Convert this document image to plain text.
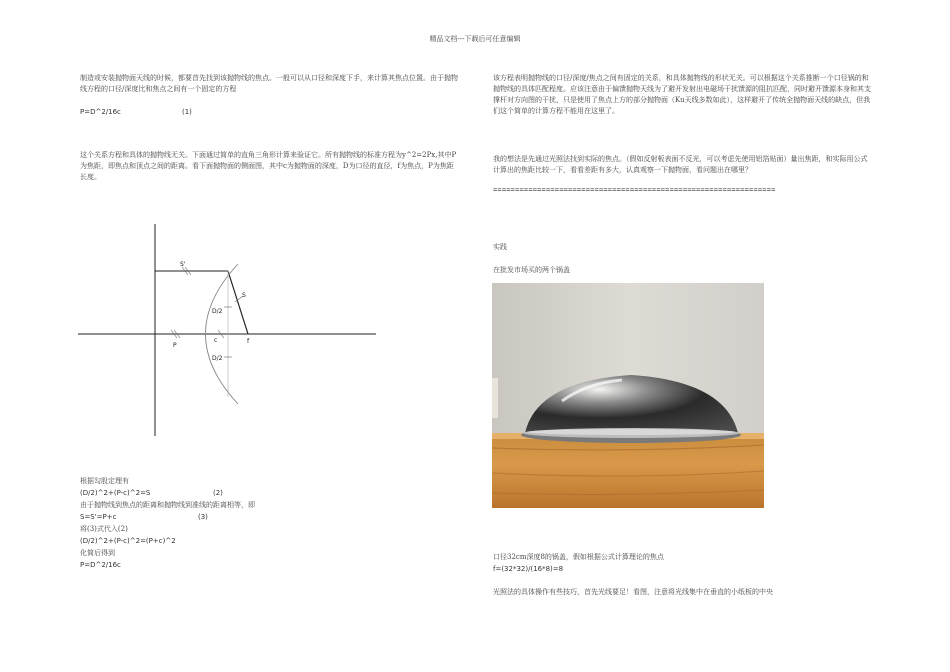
精品文档---下载后可任意编辑
制造或安装抛物面天线的时候，都要首先找到该抛物线的焦点。一般可以从口径和深度下手，来计算其焦点位置。由于抛物线方程的口径/深度比和焦点之间有一个固定的方程
P=D^2/16c	(1)
这个关系方程和具体的抛物线无关。下面通过简单的直角三角形计算来验证它。所有抛物线的标准方程为y^2=2Px,其中P为焦距，即焦点和顶点之间的距离。看下面抛物面的侧面图，其中c为抛物面的深度，D为口径的直径，f为焦点，P为焦距长度。
S'
S
D/2
D/2
P
c	f
根据勾股定理有
(D/2)^2+(P-c)^2=S	(2)
由于抛物线到焦点的距离和抛物线到准线的距离相等，即
S=S'=P+c	(3)
将(3)式代入(2)
(D/2)^2+(P-c)^2=(P+c)^2
化简后得到
P=D^2/16c
该方程表明抛物线的口径/深度/焦点之间有固定的关系，和具体抛物线的形状无关。可以根据这个关系推断一个口径锅的和抛物线的具体匹配程度。应该注意由于偏馈抛物天线为了避开发射出电磁场干扰馈源的阻抗匹配，同时避开馈源本身和其支撑杆对方向图的干扰，只是使用了焦点上方的部分抛物面（Ku天线多数如此），这样避开了传统全抛物面天线的缺点，但我们这个简单的计算方程不能用在这里了。
我的想法是先通过光照法找到实际的焦点。（假如反射板表面不反光，可以考虑先使用铝箔贴面）量出焦距，和实际用公式计算出的焦距比较一下，看看差距有多大，认真观察一下抛物面，看问题出在哪里？
================================================================
实践
在批发市场买的两个锅盖
口径32cm深度8的锅盖，假如根据公式计算理论的焦点
f=(32*32)/(16*8)=8
光照法的具体操作有些技巧，首先光线要足！看图，注意将光线集中在垂直的小纸板的中央
